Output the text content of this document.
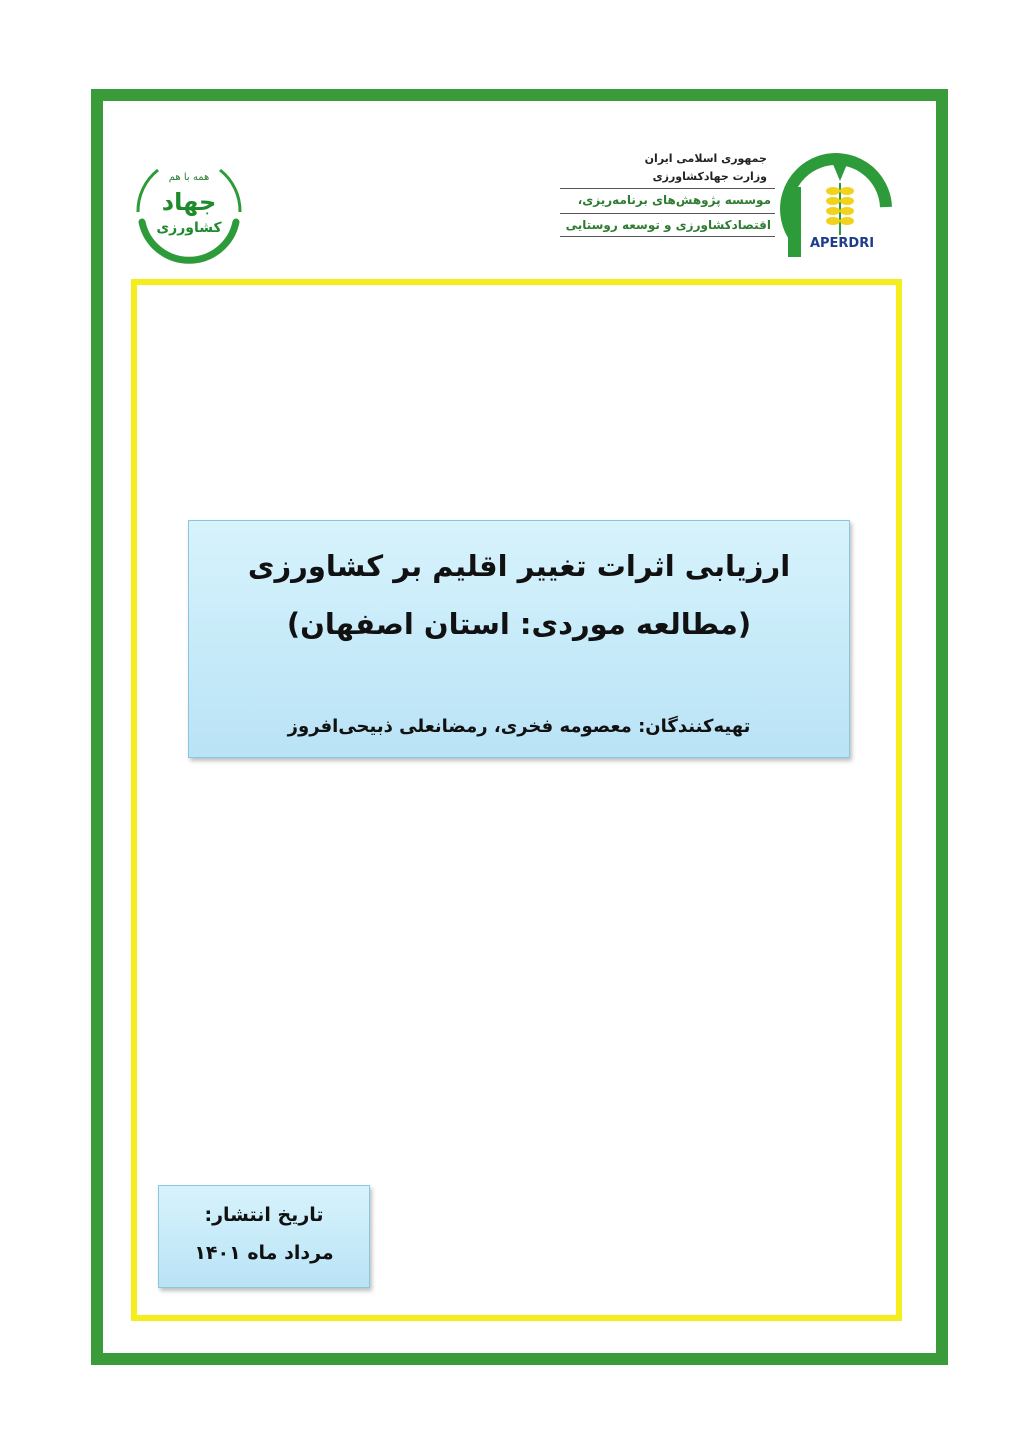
APERDRI
جمهوری اسلامی ایران
وزارت جهادکشاورزی
موسسه پژوهش‌های برنامه‌ریزی،
اقتصادکشاورزی و توسعه روستایی
همه با هم
جهاد
کشاورزی
ارزیابی اثرات تغییر اقلیم بر کشاورزی
(مطالعه موردی: استان اصفهان)
تهیه‌کنندگان: معصومه فخری، رمضانعلی ذبیحی‌افروز
تاریخ انتشار:
مرداد ماه ۱۴۰۱
